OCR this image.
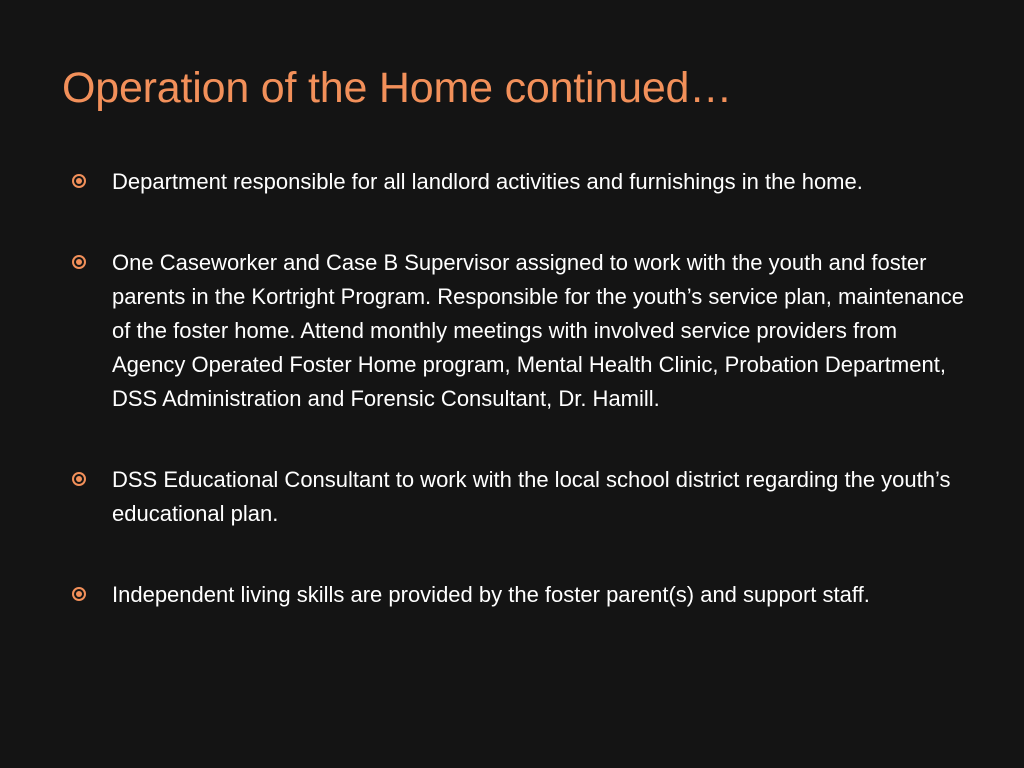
Operation of the Home continued…
Department responsible for all landlord activities and furnishings in the home.
One Caseworker and Case B Supervisor assigned to work with the youth and foster parents in the Kortright Program. Responsible for the youth’s service plan, maintenance of the foster home. Attend monthly meetings with involved service providers from Agency Operated Foster Home program, Mental Health Clinic, Probation Department, DSS Administration and Forensic Consultant, Dr. Hamill.
DSS Educational Consultant to work with the local school district regarding the youth’s educational plan.
Independent living skills are provided by the foster parent(s) and support staff.
